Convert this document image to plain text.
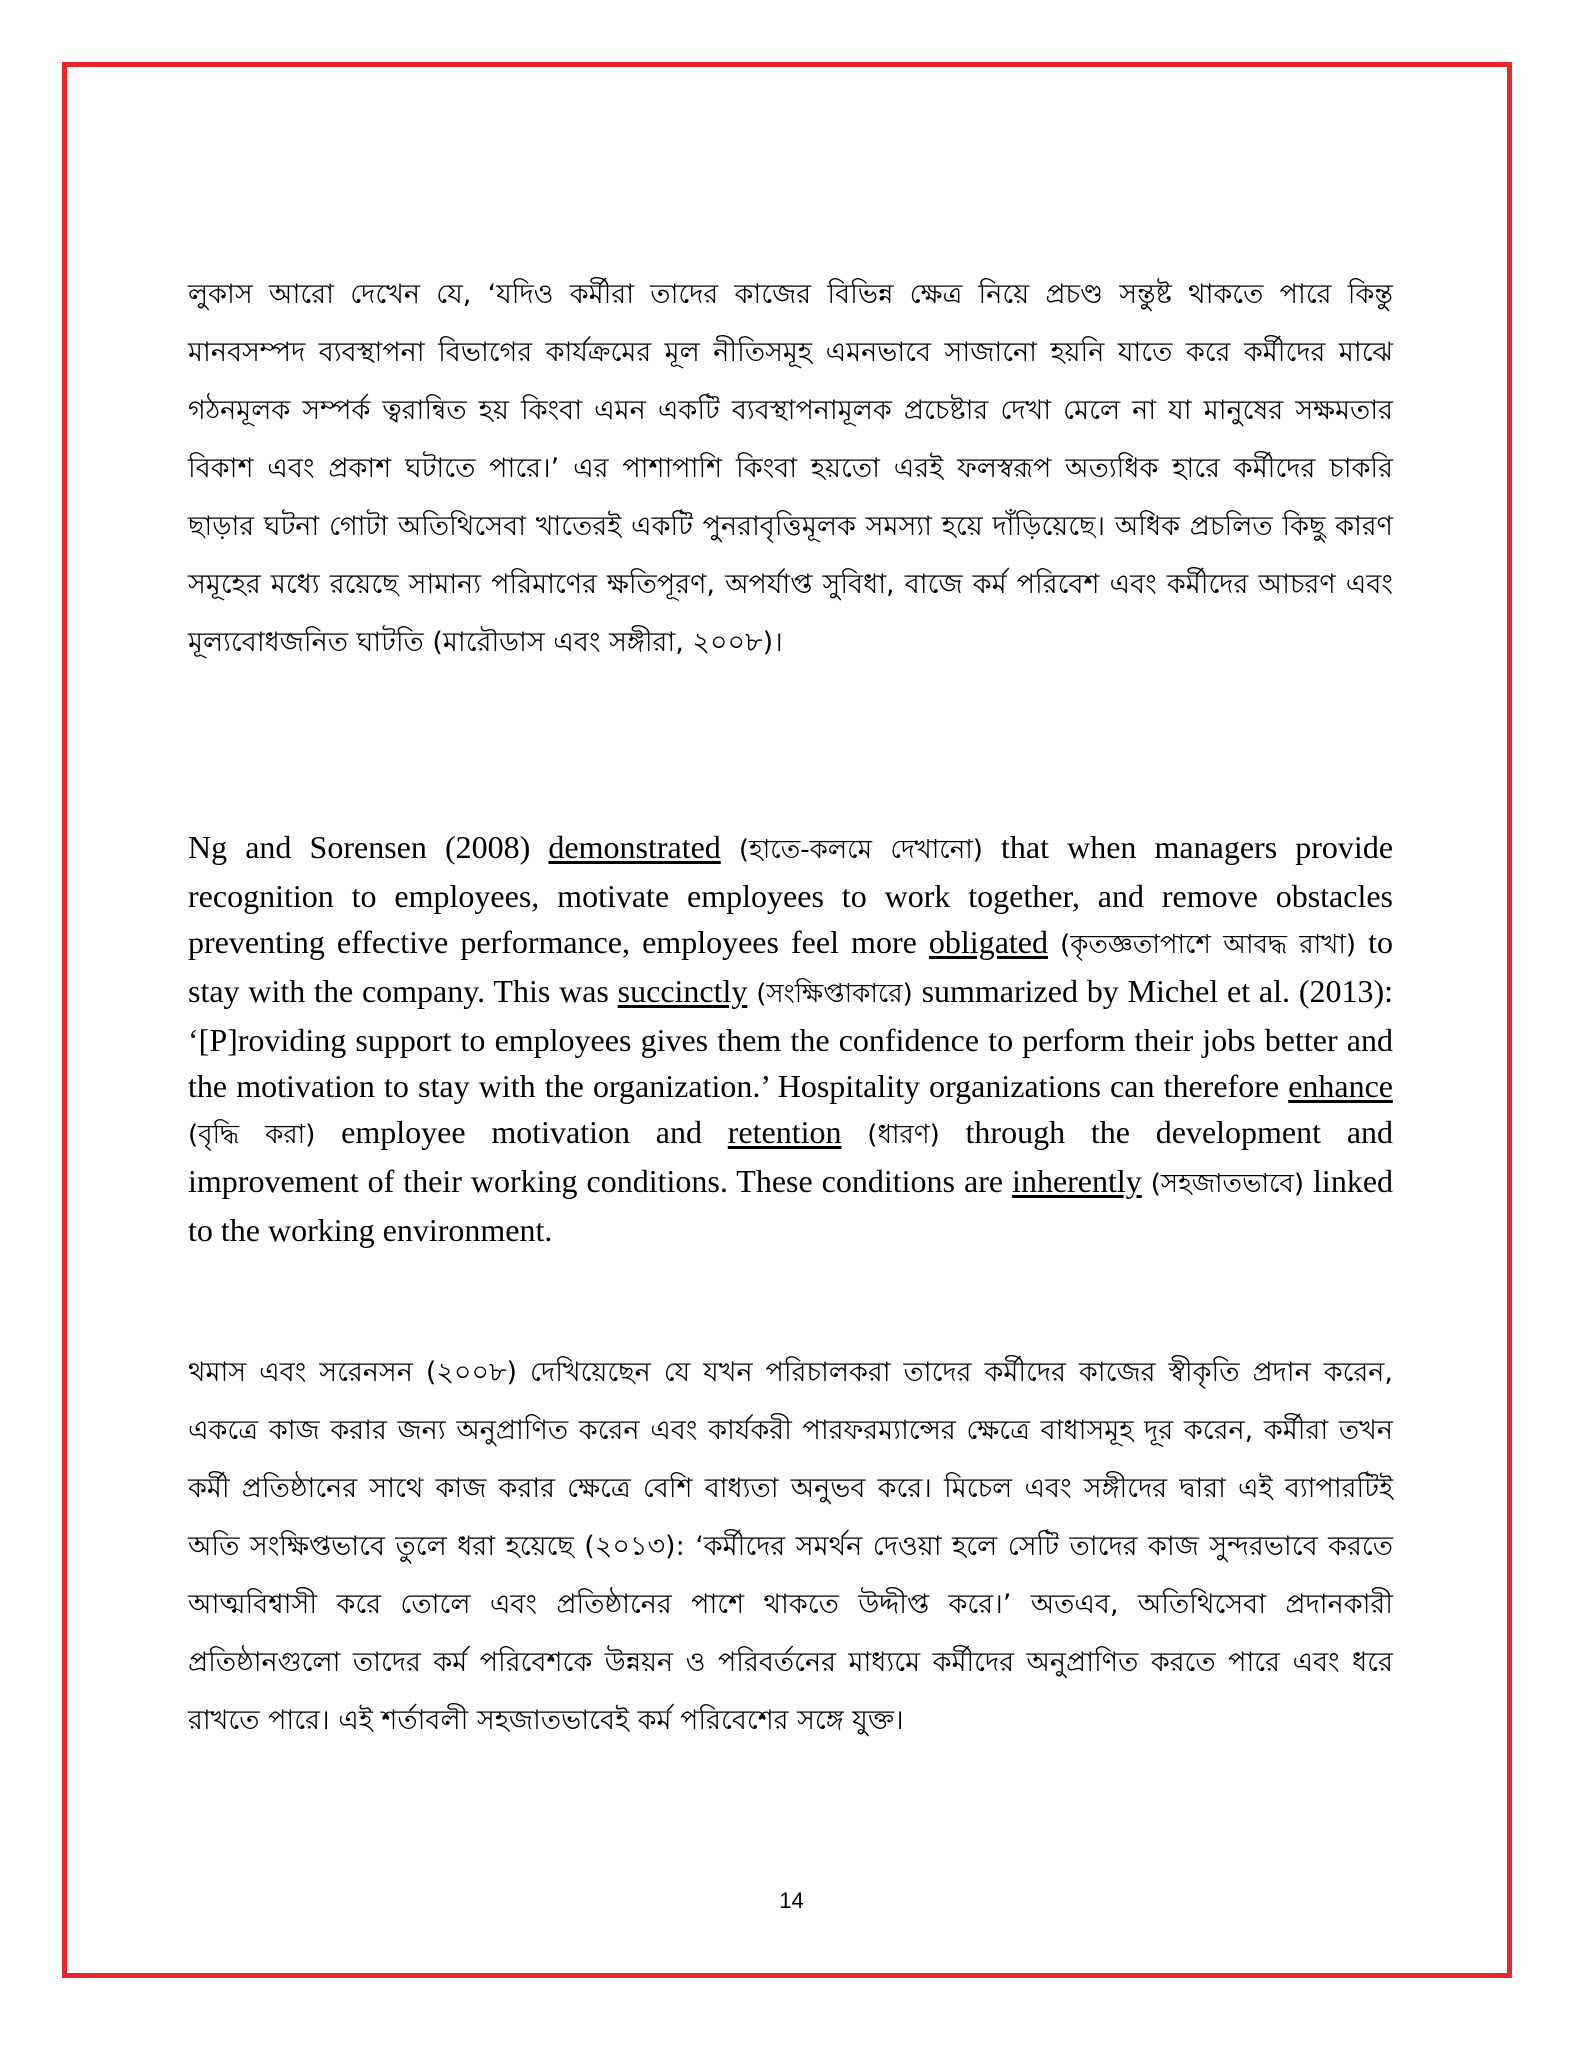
লুকাস আরো দেখেন যে, ‘যদিও কর্মীরা তাদের কাজের বিভিন্ন ক্ষেত্র নিয়ে প্রচণ্ড সন্তুষ্ট থাকতে পারে কিন্তু মানবসম্পদ ব্যবস্থাপনা বিভাগের কার্যক্রমের মূল নীতিসমূহ এমনভাবে সাজানো হয়নি যাতে করে কর্মীদের মাঝে গঠনমূলক সম্পর্ক ত্বরান্বিত হয় কিংবা এমন একটি ব্যবস্থাপনামূলক প্রচেষ্টার দেখা মেলে না যা মানুষের সক্ষমতার বিকাশ এবং প্রকাশ ঘটাতে পারে।’ এর পাশাপাশি কিংবা হয়তো এরই ফলস্বরূপ অত্যধিক হারে কর্মীদের চাকরি ছাড়ার ঘটনা গোটা অতিথিসেবা খাতেরই একটি পুনরাবৃত্তিমূলক সমস্যা হয়ে দাঁড়িয়েছে। অধিক প্রচলিত কিছু কারণ সমূহের মধ্যে রয়েছে সামান্য পরিমাণের ক্ষতিপূরণ, অপর্যাপ্ত সুবিধা, বাজে কর্ম পরিবেশ এবং কর্মীদের আচরণ এবং মূল্যবোধজনিত ঘাটতি (মারৌডাস এবং সঙ্গীরা, ২০০৮)।

Ng and Sorensen (2008) demonstrated (হাতে-কলমে দেখানো) that when managers provide recognition to employees, motivate employees to work together, and remove obstacles preventing effective performance, employees feel more obligated (কৃতজ্ঞতাপাশে আবদ্ধ রাখা) to stay with the company. This was succinctly (সংক্ষিপ্তাকারে) summarized by Michel et al. (2013): ‘[P]roviding support to employees gives them the confidence to perform their jobs better and the motivation to stay with the organization.’ Hospitality organizations can therefore enhance (বৃদ্ধি করা) employee motivation and retention (ধারণ) through the development and improvement of their working conditions. These conditions are inherently (সহজাতভাবে) linked to the working environment.

থমাস এবং সরেনসন (২০০৮) দেখিয়েছেন যে যখন পরিচালকরা তাদের কর্মীদের কাজের স্বীকৃতি প্রদান করেন, একত্রে কাজ করার জন্য অনুপ্রাণিত করেন এবং কার্যকরী পারফরম্যান্সের ক্ষেত্রে বাধাসমূহ দূর করেন, কর্মীরা তখন কর্মী প্রতিষ্ঠানের সাথে কাজ করার ক্ষেত্রে বেশি বাধ্যতা অনুভব করে। মিচেল এবং সঙ্গীদের দ্বারা এই ব্যাপারটিই অতি সংক্ষিপ্তভাবে তুলে ধরা হয়েছে (২০১৩): ‘কর্মীদের সমর্থন দেওয়া হলে সেটি তাদের কাজ সুন্দরভাবে করতে আত্মবিশ্বাসী করে তোলে এবং প্রতিষ্ঠানের পাশে থাকতে উদ্দীপ্ত করে।’ অতএব, অতিথিসেবা প্রদানকারী প্রতিষ্ঠানগুলো তাদের কর্ম পরিবেশকে উন্নয়ন ও পরিবর্তনের মাধ্যমে কর্মীদের অনুপ্রাণিত করতে পারে এবং ধরে রাখতে পারে। এই শর্তাবলী সহজাতভাবেই কর্ম পরিবেশের সঙ্গে যুক্ত।

14
